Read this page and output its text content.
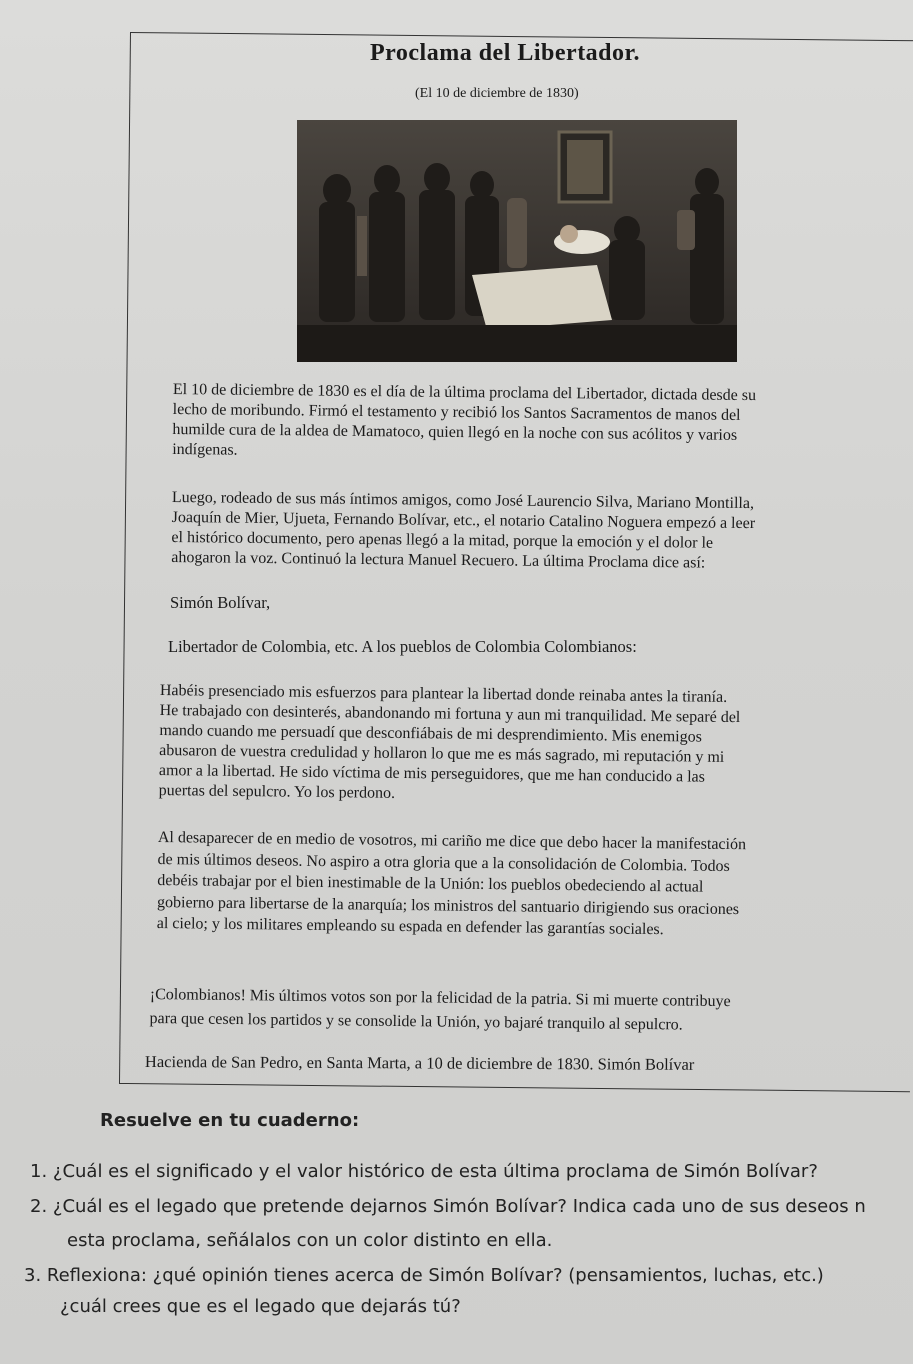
Proclama del Libertador.
(El 10 de diciembre de 1830)
El 10 de diciembre de 1830 es el día de la última proclama del Libertador, dictada desde su
lecho de moribundo. Firmó el testamento y recibió los Santos Sacramentos de manos del
humilde cura de la aldea de Mamatoco, quien llegó en la noche con sus acólitos y varios
indígenas.
Luego, rodeado de sus más íntimos amigos, como José Laurencio Silva, Mariano Montilla,
Joaquín de Mier, Ujueta, Fernando Bolívar, etc., el notario Catalino Noguera empezó a leer
el histórico documento, pero apenas llegó a la mitad, porque la emoción y el dolor le
ahogaron la voz. Continuó la lectura Manuel Recuero. La última Proclama dice así:
Simón Bolívar,
Libertador de Colombia, etc. A los pueblos de Colombia Colombianos:
Habéis presenciado mis esfuerzos para plantear la libertad donde reinaba antes la tiranía.
He trabajado con desinterés, abandonando mi fortuna y aun mi tranquilidad. Me separé del
mando cuando me persuadí que desconfiábais de mi desprendimiento. Mis enemigos
abusaron de vuestra credulidad y hollaron lo que me es más sagrado, mi reputación y mi
amor a la libertad. He sido víctima de mis perseguidores, que me han conducido a las
puertas del sepulcro. Yo los perdono.
Al desaparecer de en medio de vosotros, mi cariño me dice que debo hacer la manifestación
de mis últimos deseos. No aspiro a otra gloria que a la consolidación de Colombia. Todos
debéis trabajar por el bien inestimable de la Unión: los pueblos obedeciendo al actual
gobierno para libertarse de la anarquía; los ministros del santuario dirigiendo sus oraciones
al cielo; y los militares empleando su espada en defender las garantías sociales.
¡Colombianos! Mis últimos votos son por la felicidad de la patria. Si mi muerte contribuye
para que cesen los partidos y se consolide la Unión, yo bajaré tranquilo al sepulcro.
Hacienda de San Pedro, en Santa Marta, a 10 de diciembre de 1830. Simón Bolívar
Resuelve en tu cuaderno:
1. ¿Cuál es el significado y el valor histórico de esta última proclama de Simón Bolívar?
2. ¿Cuál es el legado que pretende dejarnos Simón Bolívar? Indica cada uno de sus deseos n
esta proclama, señálalos con un color distinto en ella.
3. Reflexiona: ¿qué opinión tienes acerca de Simón Bolívar? (pensamientos, luchas, etc.)
¿cuál crees que es el legado que dejarás tú?
